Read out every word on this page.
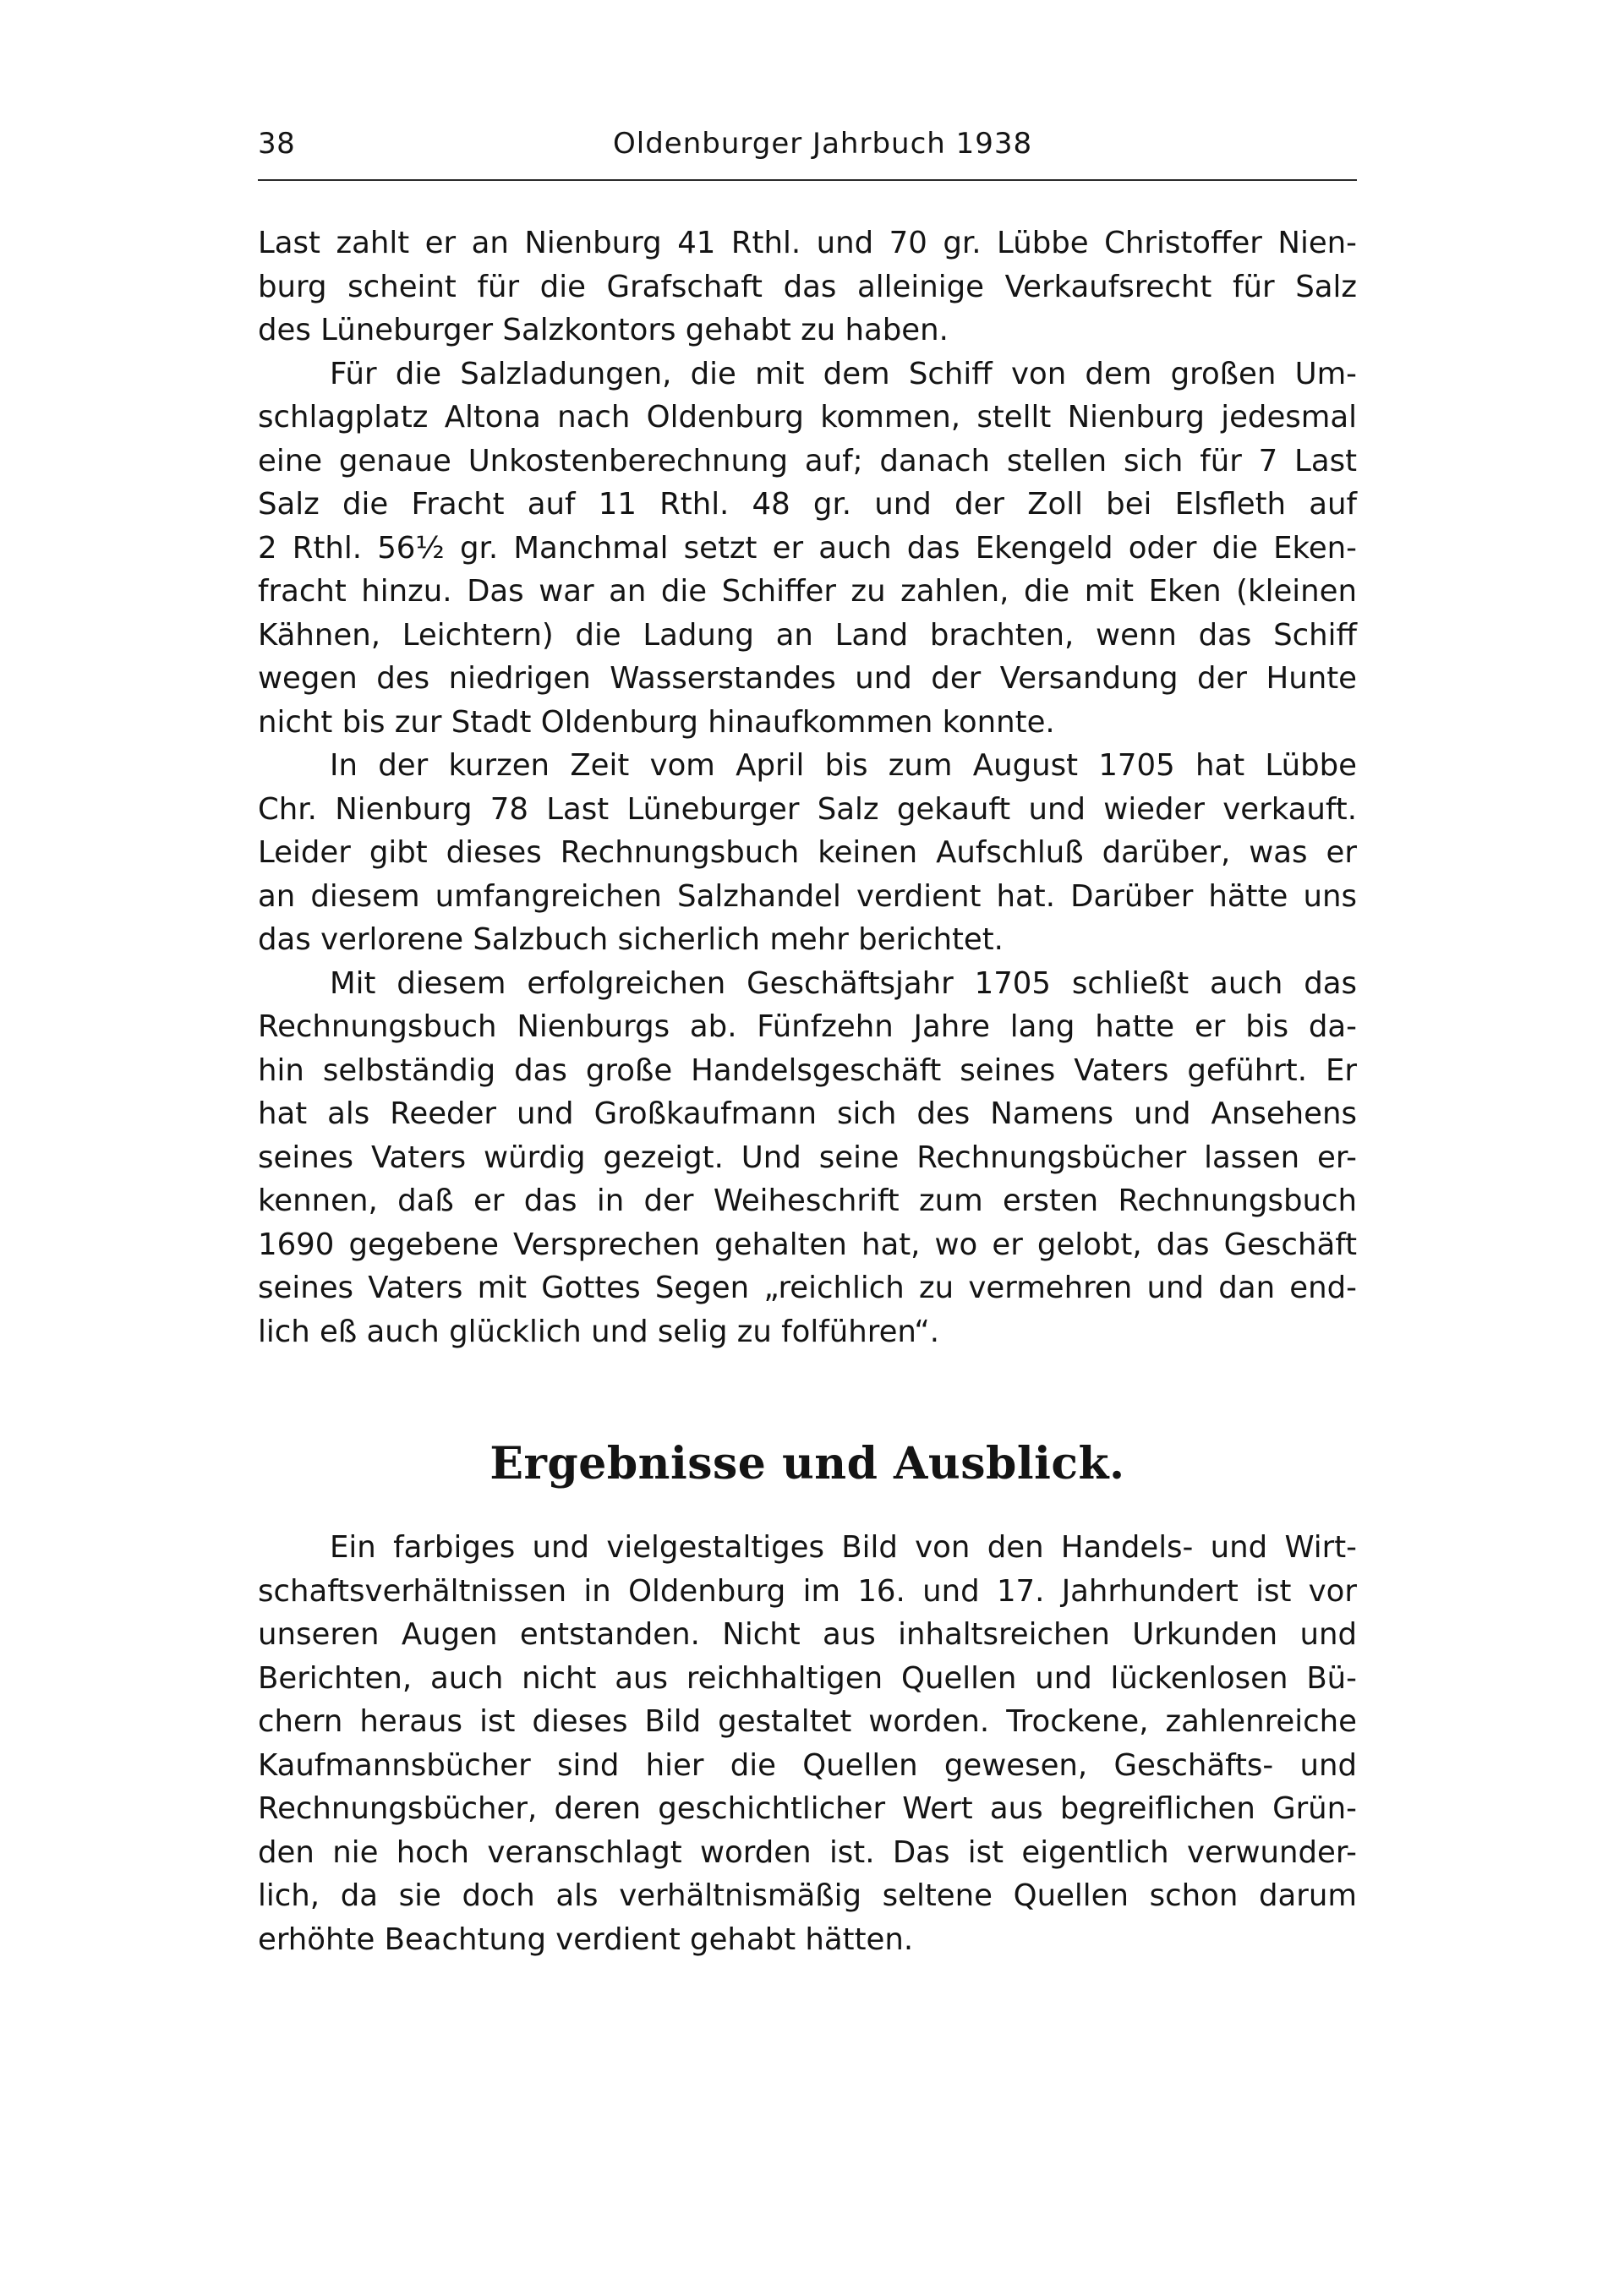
38	Oldenburger Jahrbuch 1938

Last zahlt er an Nienburg 41 Rthl. und 70 gr. Lübbe Christoffer Nien-
burg scheint für die Grafschaft das alleinige Verkaufsrecht für Salz
des Lüneburger Salzkontors gehabt zu haben.

Für die Salzladungen, die mit dem Schiff von dem großen Um-
schlagplatz Altona nach Oldenburg kommen, stellt Nienburg jedesmal
eine genaue Unkostenberechnung auf; danach stellen sich für 7 Last
Salz die Fracht auf 11 Rthl. 48 gr. und der Zoll bei Elsfleth auf
2 Rthl. 56½ gr. Manchmal setzt er auch das Ekengeld oder die Eken-
fracht hinzu. Das war an die Schiffer zu zahlen, die mit Eken (kleinen
Kähnen, Leichtern) die Ladung an Land brachten, wenn das Schiff
wegen des niedrigen Wasserstandes und der Versandung der Hunte
nicht bis zur Stadt Oldenburg hinaufkommen konnte.

In der kurzen Zeit vom April bis zum August 1705 hat Lübbe
Chr. Nienburg 78 Last Lüneburger Salz gekauft und wieder verkauft.
Leider gibt dieses Rechnungsbuch keinen Aufschluß darüber, was er
an diesem umfangreichen Salzhandel verdient hat. Darüber hätte uns
das verlorene Salzbuch sicherlich mehr berichtet.

Mit diesem erfolgreichen Geschäftsjahr 1705 schließt auch das
Rechnungsbuch Nienburgs ab. Fünfzehn Jahre lang hatte er bis da-
hin selbständig das große Handelsgeschäft seines Vaters geführt. Er
hat als Reeder und Großkaufmann sich des Namens und Ansehens
seines Vaters würdig gezeigt. Und seine Rechnungsbücher lassen er-
kennen, daß er das in der Weiheschrift zum ersten Rechnungsbuch
1690 gegebene Versprechen gehalten hat, wo er gelobt, das Geschäft
seines Vaters mit Gottes Segen „reichlich zu vermehren und dan end-
lich eß auch glücklich und selig zu folführen“.

Ergebnisse und Ausblick.

Ein farbiges und vielgestaltiges Bild von den Handels- und Wirt-
schaftsverhältnissen in Oldenburg im 16. und 17. Jahrhundert ist vor
unseren Augen entstanden. Nicht aus inhaltsreichen Urkunden und
Berichten, auch nicht aus reichhaltigen Quellen und lückenlosen Bü-
chern heraus ist dieses Bild gestaltet worden. Trockene, zahlenreiche
Kaufmannsbücher sind hier die Quellen gewesen, Geschäfts- und
Rechnungsbücher, deren geschichtlicher Wert aus begreiflichen Grün-
den nie hoch veranschlagt worden ist. Das ist eigentlich verwunder-
lich, da sie doch als verhältnismäßig seltene Quellen schon darum
erhöhte Beachtung verdient gehabt hätten.
